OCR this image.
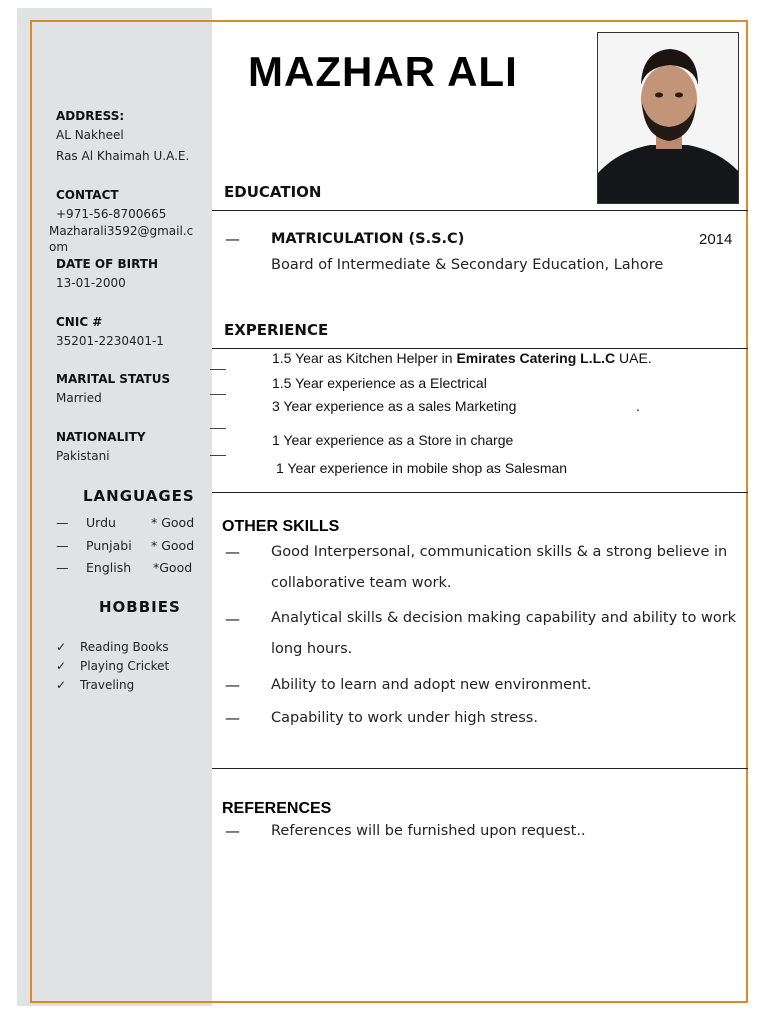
MAZHAR ALI
ADDRESS:
AL Nakheel
Ras Al Khaimah U.A.E.
CONTACT
+971-56-8700665
Mazharali3592@gmail.c
om
DATE OF BIRTH
13-01-2000
CNIC #
35201-2230401-1
MARITAL STATUS
Married
NATIONALITY
Pakistani
LANGUAGES
— Urdu	* Good
— Punjabi * Good
— English *Good
HOBBIES
✓ Reading Books
✓ Playing Cricket
✓ Traveling
EDUCATION
— MATRICULATION (S.S.C)	2014
Board of Intermediate & Secondary Education, Lahore
EXPERIENCE
1.5 Year as Kitchen Helper in Emirates Catering L.L.C UAE.
1.5 Year experience as a Electrical
3 Year experience as a sales Marketing	.
1 Year experience as a Store in charge
1 Year experience in mobile shop as Salesman
OTHER SKILLS
— Good Interpersonal, communication skills & a strong believe in
collaborative team work.
— Analytical skills & decision making capability and ability to work
long hours.
— Ability to learn and adopt new environment.
— Capability to work under high stress.
REFERENCES
— References will be furnished upon request..
